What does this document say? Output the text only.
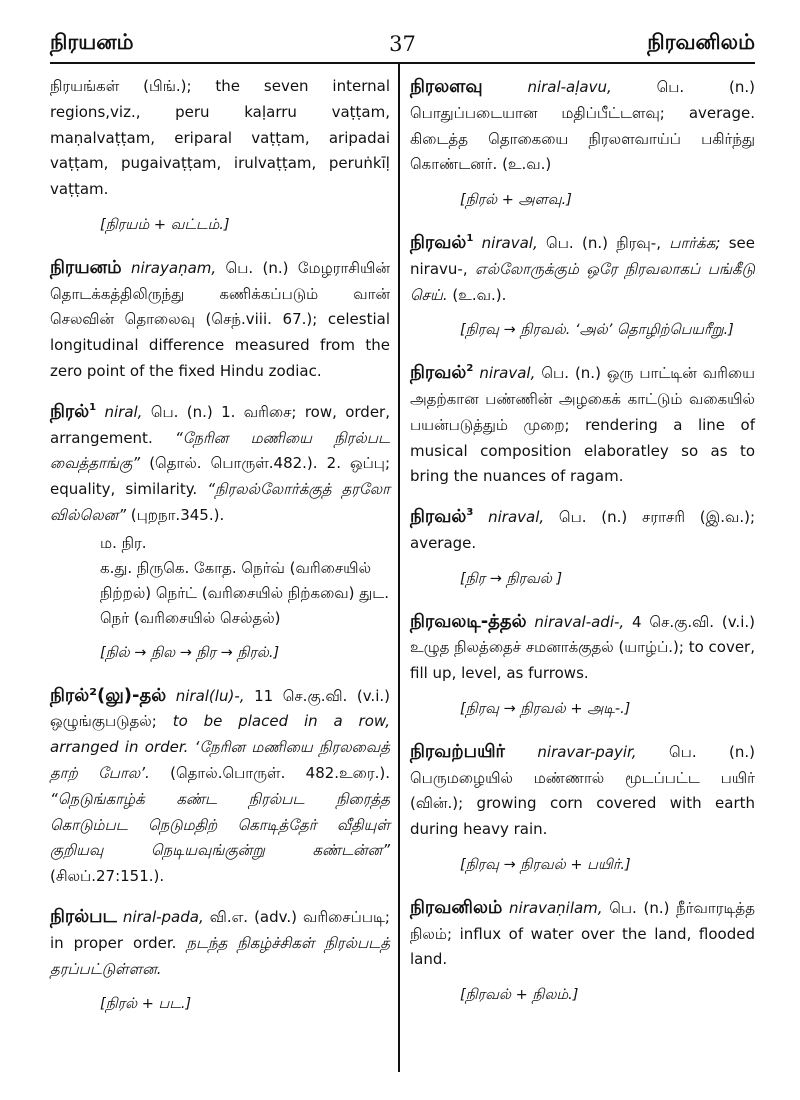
நிரயனம்	37	நிரவனிலம்
நிரயங்கள் (பிங்.); the seven internal regions,viz., peru kaḷarru vaṭṭam, maṇalvaṭṭam, eriparal vaṭṭam, aripadai vaṭṭam, pugaivaṭṭam, irulvaṭṭam, peruṅkīḷ vaṭṭam.
[நிரயம் + வட்டம்.]
நிரயனம் nirayaṇam, பெ. (n.) மேழராசியின் தொடக்கத்திலிருந்து கணிக்கப்படும் வான் செலவின் தொலைவு (செந்.viii. 67.); celestial longitudinal difference measured from the zero point of the fixed Hindu zodiac.
நிரல்$^1$ niral, பெ. (n.) 1. வரிசை; row, order, arrangement. “நேரின மணியை நிரல்பட வைத்தாங்கு” (தொல். பொருள்.482.). 2. ஒப்பு; equality, similarity. “நிரலல்லோர்க்குத் தரலோ வில்லென” (புறநா.345.).
ம. நிர.
க.து. நிருகெ. கோத. நெர்வ் (வரிசையில் நிற்றல்) நெர்ட் (வரிசையில் நிற்கவை) துட. நெர் (வரிசையில் செல்தல்)
[நில் → நில → நிர → நிரல்.]
நிரல்²(லு)-தல் niral(lu)-, 11 செ.கு.வி. (v.i.) ஒழுங்குபடுதல்; to be placed in a row, arranged in order. ‘நேரின மணியை நிரலவைத் தாற் போல’. (தொல்.பொருள். 482.உரை.). “நெடுங்காழ்க் கண்ட நிரல்பட நிரைத்த கொடும்பட நெடுமதிற் கொடித்தேர் வீதியுள் குறியவு நெடியவுங்குன்று கண்டன்ன” (சிலப்.27:151.).
நிரல்பட niral-pada, வி.எ. (adv.) வரிசைப்படி; in proper order. நடந்த நிகழ்ச்சிகள் நிரல்படத் தரப்பட்டுள்ளன.
[நிரல் + பட.]
நிரலளவு	niral-aḷavu,	பெ. (n.) பொதுப்படையான மதிப்பீட்டளவு; average. கிடைத்த தொகையை நிரலளவாய்ப் பகிர்ந்து கொண்டனர். (உ.வ.)
[நிரல் + அளவு.]
நிரவல்$^1$ niraval, பெ. (n.) நிரவு-, பார்க்க; see niravu-, எல்லோருக்கும் ஒரே நிரவலாகப் பங்கீடு செய். (உ.வ.).
[நிரவு → நிரவல். ‘அல்’ தொழிற்பெயரீறு.]
நிரவல்$^2$ niraval, பெ. (n.) ஒரு பாட்டின் வரியை அதற்கான பண்ணின் அழகைக் காட்டும் வகையில் பயன்படுத்தும் முறை; rendering a line of musical composition elaboratley so as to bring the nuances of ragam.
நிரவல்$^3$ niraval, பெ. (n.) சராசரி (இ.வ.); average.
[நிர → நிரவல் ]
நிரவலடி-த்தல் niraval-adi-, 4 செ.கு.வி. (v.i.) உழுத நிலத்தைச் சமனாக்குதல் (யாழ்ப்.); to cover, fill up, level, as furrows.
[நிரவு → நிரவல் + அடி-.]
நிரவற்பயிர் niravar-payir, பெ. (n.) பெருமழையில் மண்ணால் மூடப்பட்ட பயிர் (வின்.); growing corn covered with earth during heavy rain.
[நிரவு → நிரவல் + பயிர்.]
நிரவனிலம் niravaṇilam, பெ. (n.) நீர்வாரடித்த நிலம்; influx of water over the land, flooded land.
[நிரவல் + நிலம்.]
